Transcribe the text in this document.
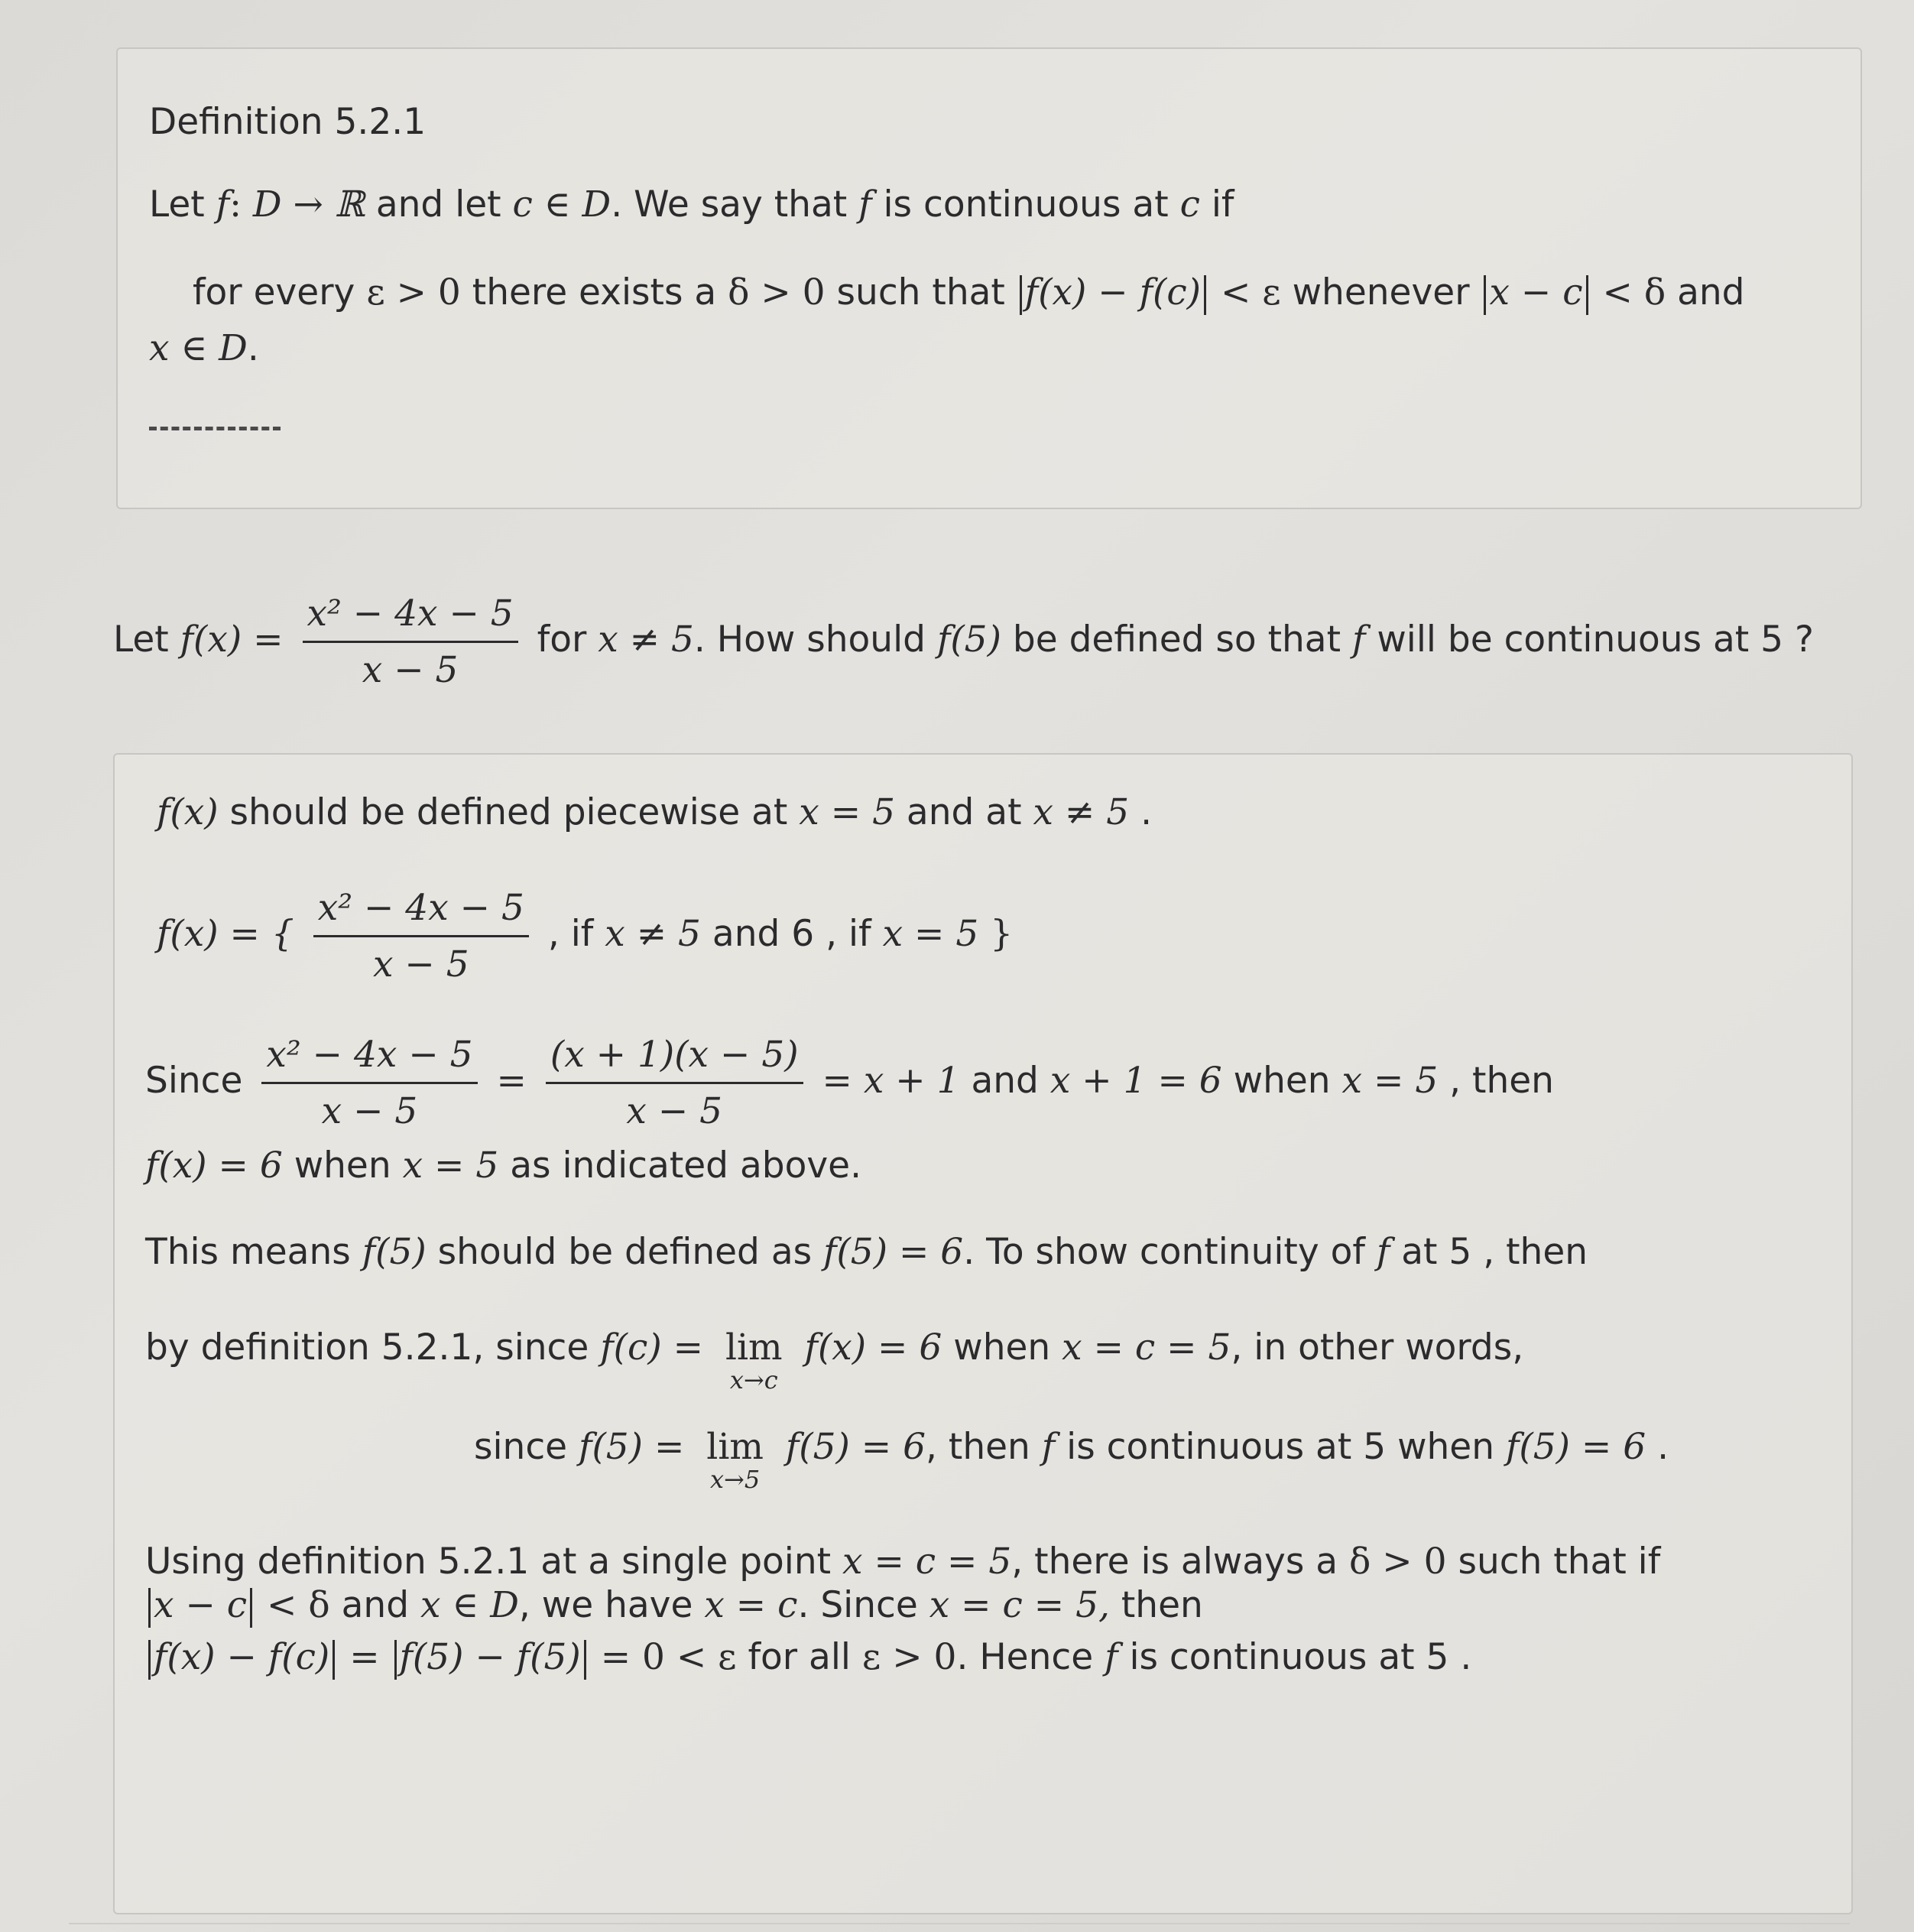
Definition 5.2.1
Let f: D → ℝ and let c ∈ D. We say that f is continuous at c if
for every ε > 0 there exists a δ > 0 such that f(x) − f(c) < ε whenever x − c < δ and
x ∈ D.
Let $f(x) = \frac{\text{x² − 4x − 5}}{x - 5}$ for x ≠ 5. How should f(5) be defined so that f will be continuous at 5 ?
f(x) should be defined piecewise at x = 5 and at x ≠ 5 .
f(x) = { $\frac{\text{x² − 4x − 5}}{x - 5}$ , if x ≠ 5 and 6 , if x = 5 }
Since $\frac{\text{x² − 4x − 5}}{x - 5} = \frac{(x + 1)(x - 5)}{x - 5} = x + 1$ and x + 1 = 6 when x = 5 , then
f(x) = 6 when x = 5 as indicated above.
This means f(5) should be defined as f(5) = 6. To show continuity of f at 5 , then
by definition 5.2.1, since f(c) = lim
x→c
f(x) = 6 when x = c = 5, in other words,
since f(5) = lim
x→5
f(5) = 6, then f is continuous at 5 when f(5) = 6 .
Using definition 5.2.1 at a single point x = c = 5, there is always a δ > 0 such that if
x − c < δ and x ∈ D, we have x = c. Since x = c = 5, then
f(x) − f(c) = f(5) − f(5) = 0 < ε for all ε > 0. Hence f is continuous at 5 .
